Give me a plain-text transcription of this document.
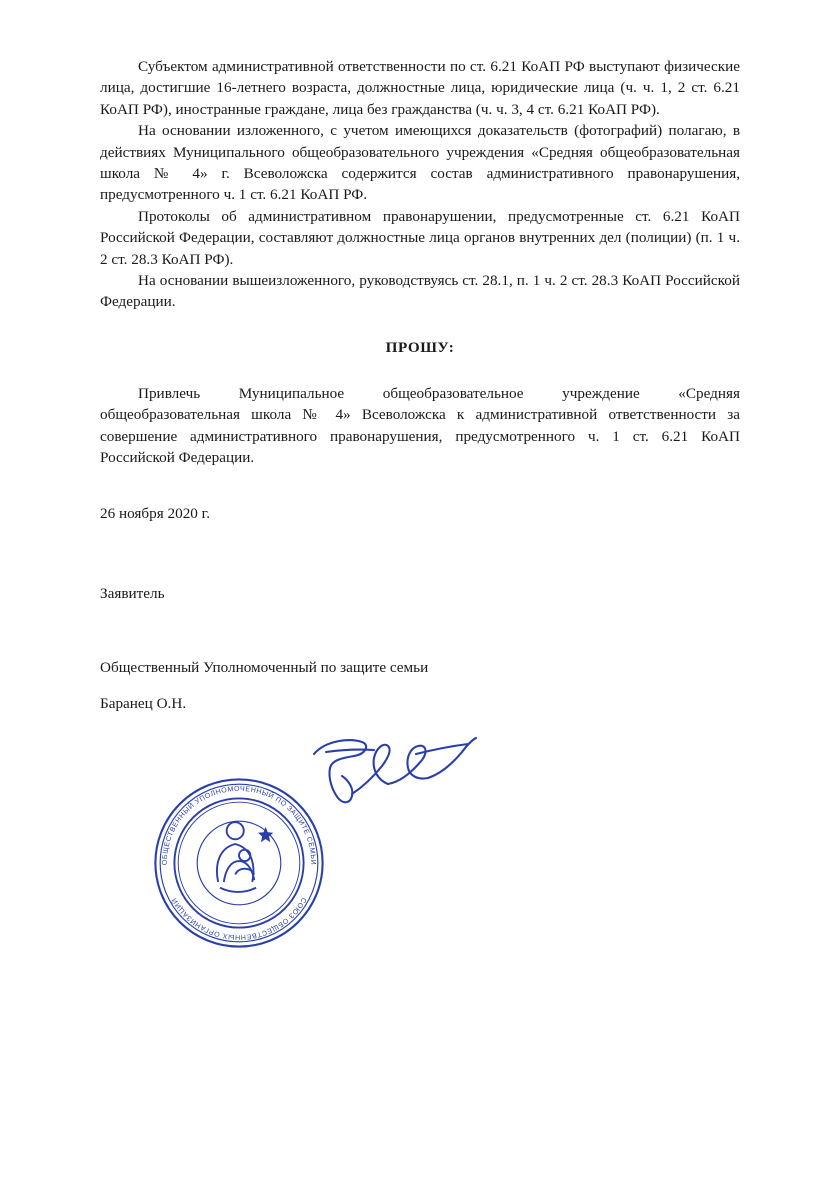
Субъектом административной ответственности по ст. 6.21 КоАП РФ выступают физические лица, достигшие 16-летнего возраста, должностные лица, юридические лица (ч. ч. 1, 2 ст. 6.21 КоАП РФ), иностранные граждане, лица без гражданства (ч. ч. 3, 4 ст. 6.21 КоАП РФ).

На основании изложенного, с учетом имеющихся доказательств (фотографий) полагаю, в действиях Муниципального общеобразовательного учреждения «Средняя общеобразовательная школа № 4» г. Всеволожска содержится состав административного правонарушения, предусмотренного ч. 1 ст. 6.21 КоАП РФ.

Протоколы об административном правонарушении, предусмотренные ст. 6.21 КоАП Российской Федерации, составляют должностные лица органов внутренних дел (полиции) (п. 1 ч. 2 ст. 28.3 КоАП РФ).

На основании вышеизложенного, руководствуясь ст. 28.1, п. 1 ч. 2 ст. 28.3 КоАП Российской Федерации.

ПРОШУ:

Привлечь Муниципальное общеобразовательное учреждение «Средняя общеобразовательная школа № 4» Всеволожска к административной ответственности за совершение административного правонарушения, предусмотренного ч. 1 ст. 6.21 КоАП Российской Федерации.

26 ноября 2020 г.

Заявитель

Общественный Уполномоченный по защите семьи

Баранец О.Н.

ОБЩЕСТВЕННЫЙ УПОЛНОМОЧЕННЫЙ ПО ЗАЩИТЕ СЕМЬИ
СОЮЗ ОБЩЕСТВЕННЫХ ОРГАНИЗАЦИЙ
